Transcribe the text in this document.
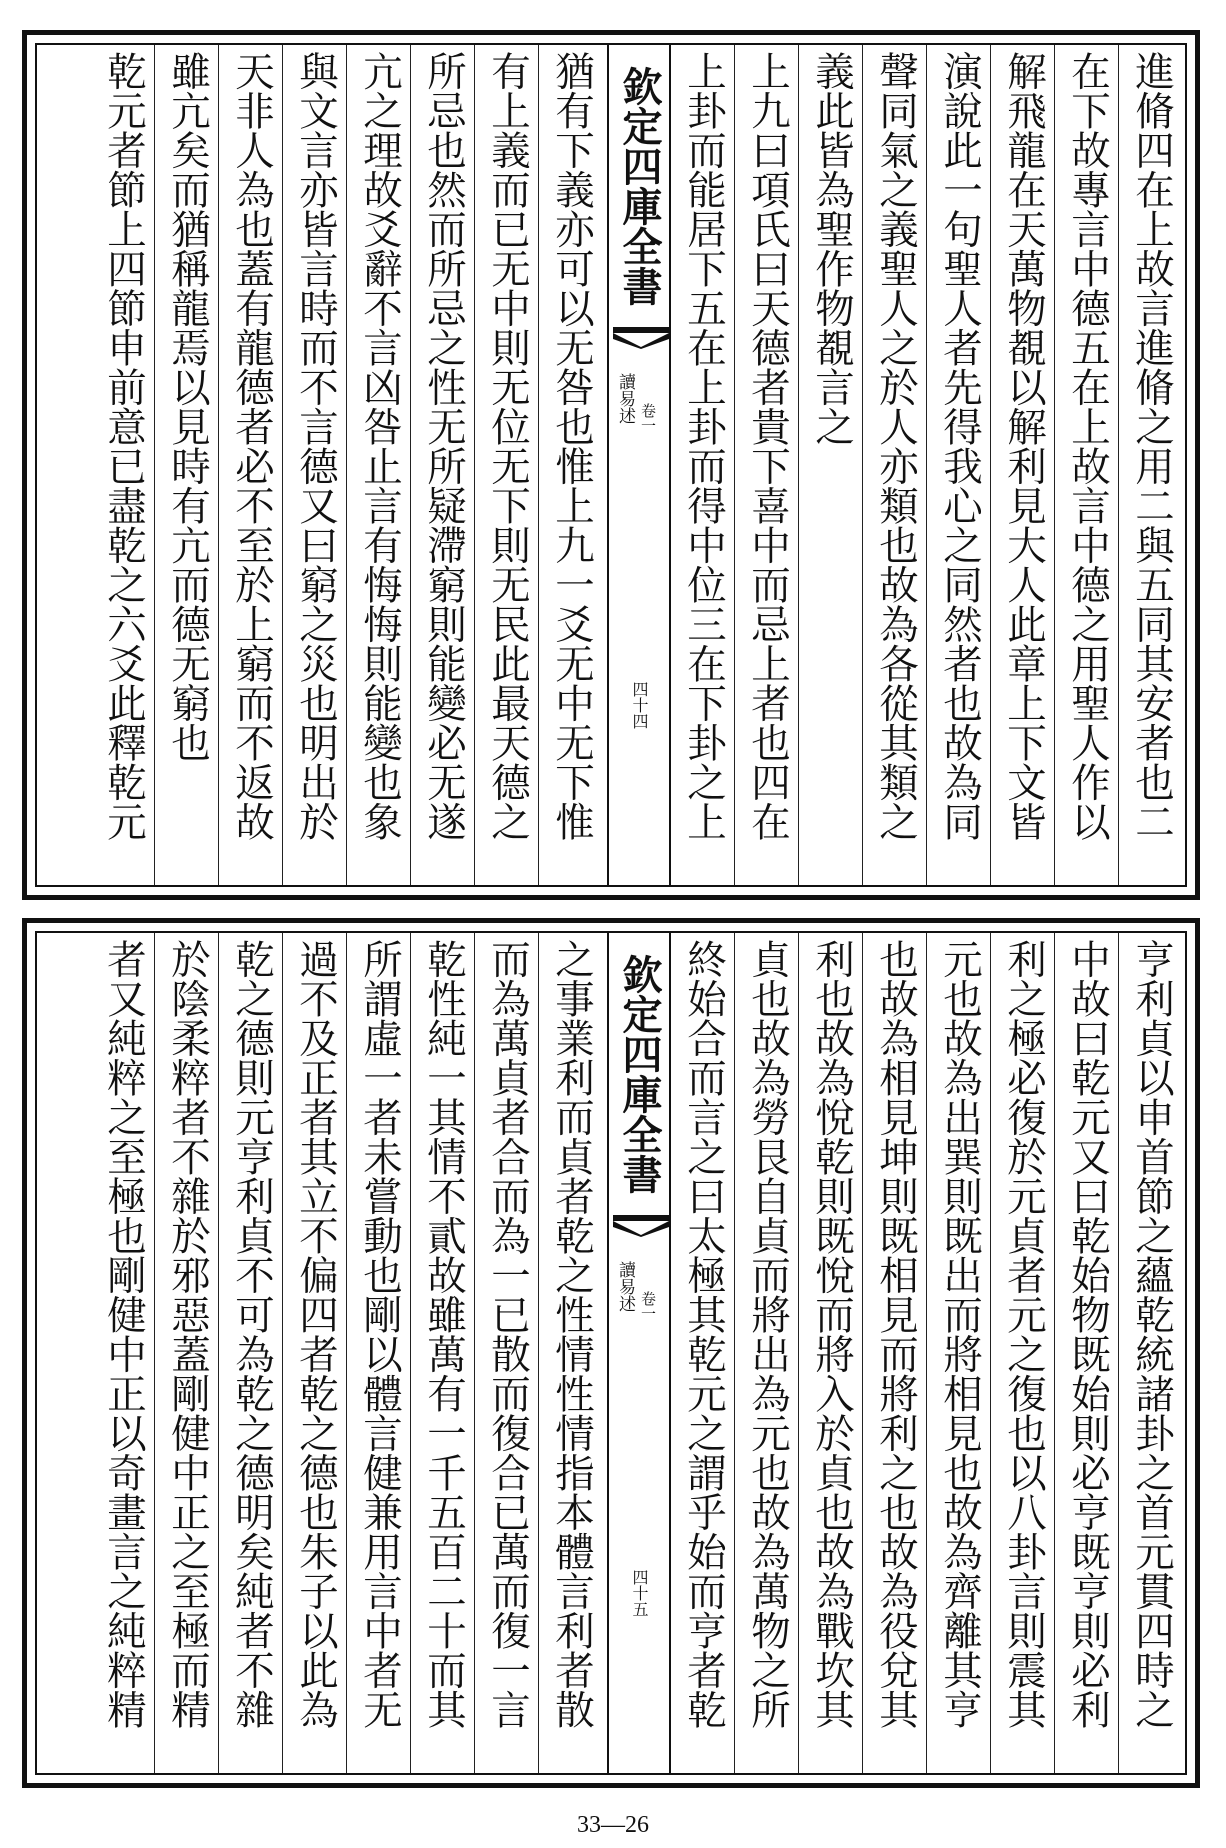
進脩四在上故言進脩之用二與五同其安者也二
在下故專言中德五在上故言中德之用聖人作以
解飛龍在天萬物覩以解利見大人此章上下文皆
演說此一句聖人者先得我心之同然者也故為同
聲同氣之義聖人之於人亦類也故為各從其類之
義此皆為聖作物覩言之
上九曰項氏曰天德者貴下喜中而忌上者也四在
上卦而能居下五在上卦而得中位三在下卦之上
欽定四庫全書
讀易述 卷一
四十四
猶有下義亦可以无咎也惟上九一爻无中无下惟
有上義而已无中則无位无下則无民此最天德之
所忌也然而所忌之性无所疑滯窮則能變必无遂
亢之理故爻辭不言凶咎止言有悔悔則能變也象
與文言亦皆言時而不言德又曰窮之災也明出於
天非人為也蓋有龍德者必不至於上窮而不返故
雖亢矣而猶稱龍焉以見時有亢而德无窮也
乾元者節上四節申前意已盡乾之六爻此釋乾元
亨利貞以申首節之蘊乾統諸卦之首元貫四時之
中故曰乾元又曰乾始物既始則必亨既亨則必利
利之極必復於元貞者元之復也以八卦言則震其
元也故為出巽則既出而將相見也故為齊離其亨
也故為相見坤則既相見而將利之也故為役兌其
利也故為悅乾則既悅而將入於貞也故為戰坎其
貞也故為勞艮自貞而將出為元也故為萬物之所
終始合而言之曰太極其乾元之謂乎始而亨者乾
欽定四庫全書
讀易述 卷一
四十五
之事業利而貞者乾之性情性情指本體言利者散
而為萬貞者合而為一已散而復合已萬而復一言
乾性純一其情不貳故雖萬有一千五百二十而其
所謂虛一者未嘗動也剛以體言健兼用言中者无
過不及正者其立不偏四者乾之德也朱子以此為
乾之德則元亨利貞不可為乾之德明矣純者不雜
於陰柔粹者不雜於邪惡蓋剛健中正之至極而精
者又純粹之至極也剛健中正以奇畫言之純粹精
33—26
